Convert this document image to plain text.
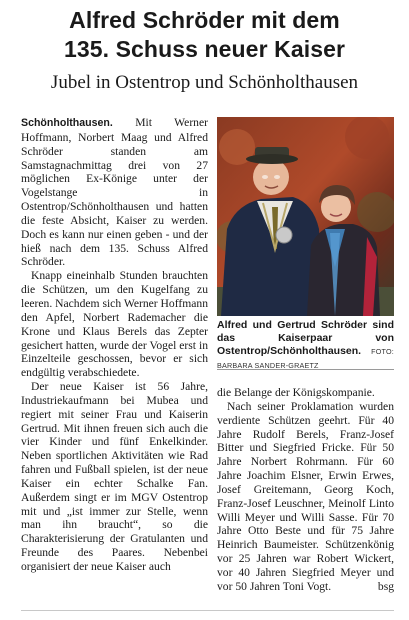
Alfred Schröder mit dem
135. Schuss neuer Kaiser
Jubel in Ostentrop und Schönholthausen

Schönholthausen. Mit Werner Hoffmann, Norbert Maag und Alfred Schröder standen am Samstagnachmittag drei von 27 möglichen Ex-Könige unter der Vogelstange in Ostentrop/Schönholthausen und hatten die feste Absicht, Kaiser zu werden. Doch es kann nur einen geben - und der hieß nach dem 135. Schuss Alfred Schröder.

Knapp eineinhalb Stunden brauchten die Schützen, um den Kugelfang zu leeren. Nachdem sich Werner Hoffmann den Apfel, Norbert Rademacher die Krone und Klaus Berels das Zepter gesichert hatten, wurde der Vogel erst in Einzelteile geschossen, bevor er sich endgültig verabschiedete.

Der neue Kaiser ist 56 Jahre, Industriekaufmann bei Mubea und regiert mit seiner Frau und Kaiserin Gertrud. Mit ihnen freuen sich auch die vier Kinder und fünf Enkelkinder. Neben sportlichen Aktivitäten wie Rad fahren und Fußball spielen, ist der neue Kaiser ein echter Schalke Fan. Außerdem singt er im MGV Ostentrop mit und „ist immer zur Stelle, wenn man ihn braucht“, so die Charakterisierung der Gratulanten und Freunde des Paares. Nebenbei organisiert der neue Kaiser auch

Alfred und Gertrud Schröder sind das Kaiserpaar von Ostentrop/Schönholthausen. FOTO: BARBARA SANDER-GRAETZ

die Belange der Königskompanie.

Nach seiner Proklamation wurden verdiente Schützen geehrt. Für 40 Jahre Rudolf Berels, Franz-Josef Bitter und Siegfried Fricke. Für 50 Jahre Norbert Rohrmann. Für 60 Jahre Joachim Elsner, Erwin Erwes, Josef Greitemann, Georg Koch, Franz-Josef Leuschner, Meinolf Linto Willi Meyer und Willi Sasse. Für 70 Jahre Otto Beste und für 75 Jahre Heinrich Baumeister. Schützenkönig vor 25 Jahren war Robert Wickert, vor 40 Jahren Siegfried Meyer und vor 50 Jahren Toni Vogt.	bsg
